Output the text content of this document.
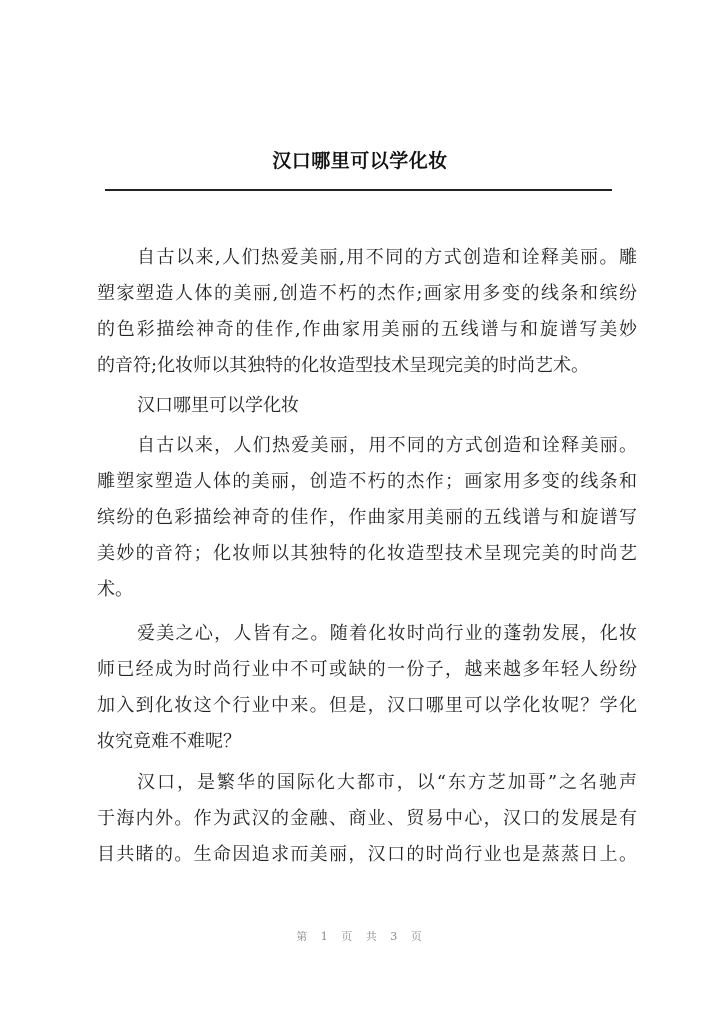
汉口哪里可以学化妆
自古以来,人们热爱美丽,用不同的方式创造和诠释美丽。雕
塑家塑造人体的美丽,创造不朽的杰作;画家用多变的线条和缤纷
的色彩描绘神奇的佳作,作曲家用美丽的五线谱与和旋谱写美妙
的音符;化妆师以其独特的化妆造型技术呈现完美的时尚艺术。
汉口哪里可以学化妆
自古以来，人们热爱美丽，用不同的方式创造和诠释美丽。
雕塑家塑造人体的美丽，创造不朽的杰作；画家用多变的线条和
缤纷的色彩描绘神奇的佳作，作曲家用美丽的五线谱与和旋谱写
美妙的音符；化妆师以其独特的化妆造型技术呈现完美的时尚艺
术。
爱美之心，人皆有之。随着化妆时尚行业的蓬勃发展，化妆
师已经成为时尚行业中不可或缺的一份子，越来越多年轻人纷纷
加入到化妆这个行业中来。但是，汉口哪里可以学化妆呢？学化
妆究竟难不难呢？
汉口，是繁华的国际化大都市，以“东方芝加哥”之名驰声
于海内外。作为武汉的金融、商业、贸易中心，汉口的发展是有
目共睹的。生命因追求而美丽，汉口的时尚行业也是蒸蒸日上。
第 1 页 共 3 页
